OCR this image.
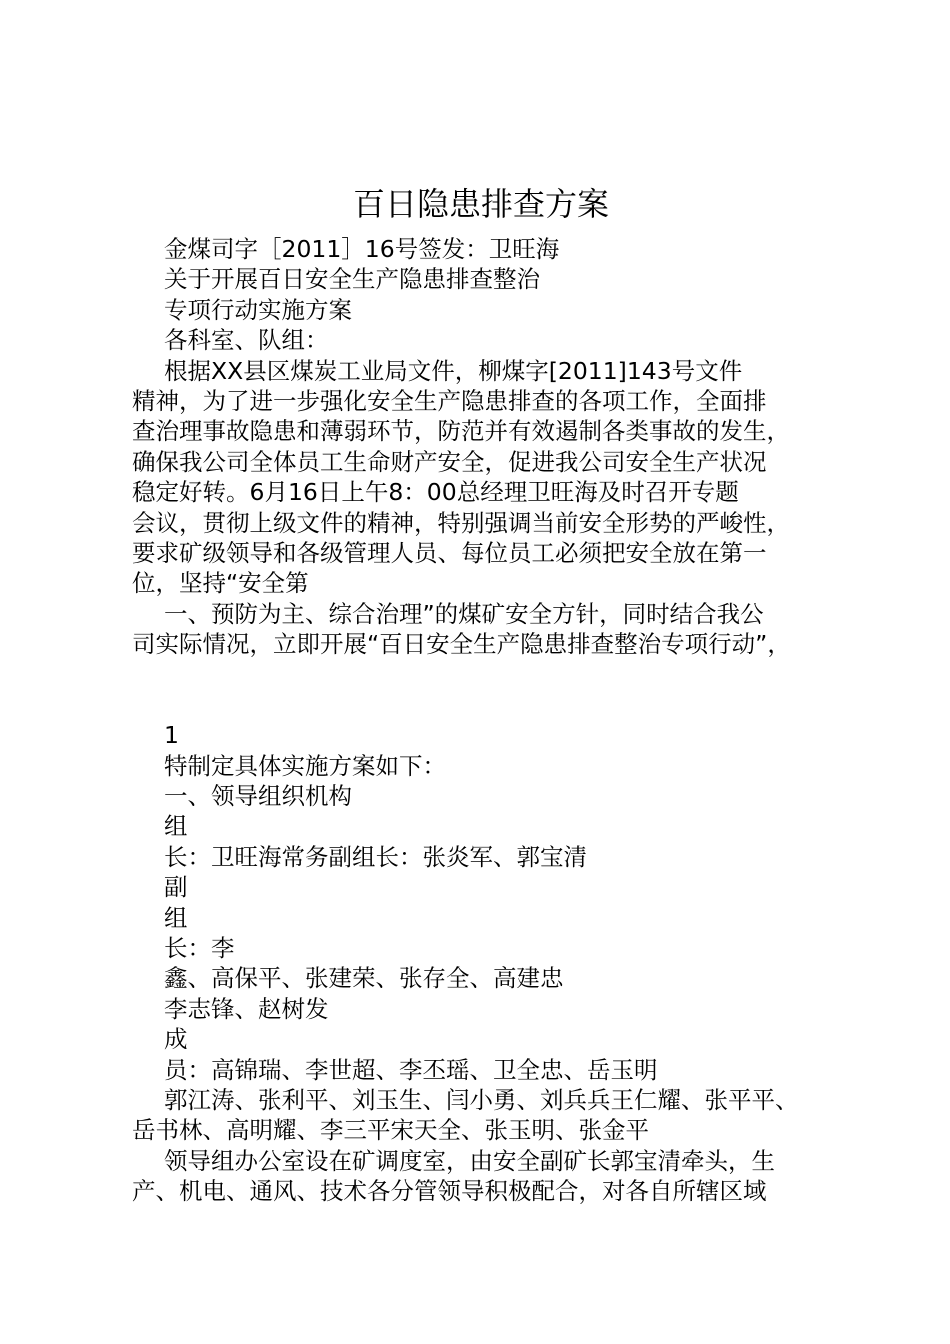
百日隐患排查方案
金煤司字［2011］16号签发：卫旺海
关于开展百日安全生产隐患排查整治
专项行动实施方案
各科室、队组：
根据XX县区煤炭工业局文件，柳煤字[2011]143号文件
精神，为了进一步强化安全生产隐患排查的各项工作，全面排
查治理事故隐患和薄弱环节，防范并有效遏制各类事故的发生，
确保我公司全体员工生命财产安全，促进我公司安全生产状况
稳定好转。6月16日上午8：00总经理卫旺海及时召开专题
会议，贯彻上级文件的精神，特别强调当前安全形势的严峻性，
要求矿级领导和各级管理人员、每位员工必须把安全放在第一
位，坚持“安全第
一、预防为主、综合治理”的煤矿安全方针，同时结合我公
司实际情况，立即开展“百日安全生产隐患排查整治专项行动”，
1
特制定具体实施方案如下：
一、领导组织机构
组
长：卫旺海常务副组长：张炎军、郭宝清
副
组
长：李
鑫、高保平、张建荣、张存全、高建忠
李志锋、赵树发
成
员：高锦瑞、李世超、李丕瑶、卫全忠、岳玉明
郭江涛、张利平、刘玉生、闫小勇、刘兵兵王仁耀、张平平、
岳书林、高明耀、李三平宋天全、张玉明、张金平
领导组办公室设在矿调度室，由安全副矿长郭宝清牵头，生
产、机电、通风、技术各分管领导积极配合，对各自所辖区域
